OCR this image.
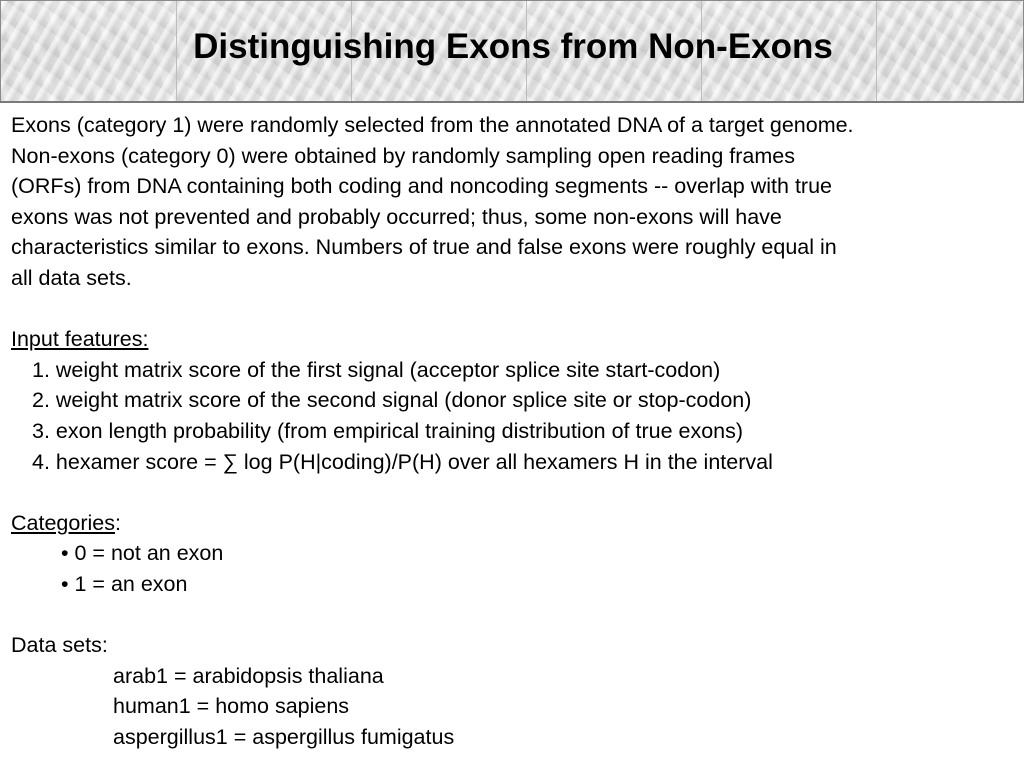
Distinguishing Exons from Non-Exons
Exons (category 1) were randomly selected from the annotated DNA of a target genome.
Non-exons (category 0) were obtained by randomly sampling open reading frames
(ORFs) from DNA containing both coding and noncoding segments -- overlap with true
exons was not prevented and probably occurred; thus, some non-exons will have
characteristics similar to exons. Numbers of true and false exons were roughly equal in
all data sets.
Input features:
1. weight matrix score of the first signal (acceptor splice site start-codon)
2. weight matrix score of the second signal (donor splice site or stop-codon)
3. exon length probability (from empirical training distribution of true exons)
4. hexamer score = ∑ log P(H|coding)/P(H) over all hexamers H in the interval
Categories:
• 0 = not an exon
• 1 = an exon
Data sets:
arab1 = arabidopsis thaliana
human1 = homo sapiens
aspergillus1 = aspergillus fumigatus
